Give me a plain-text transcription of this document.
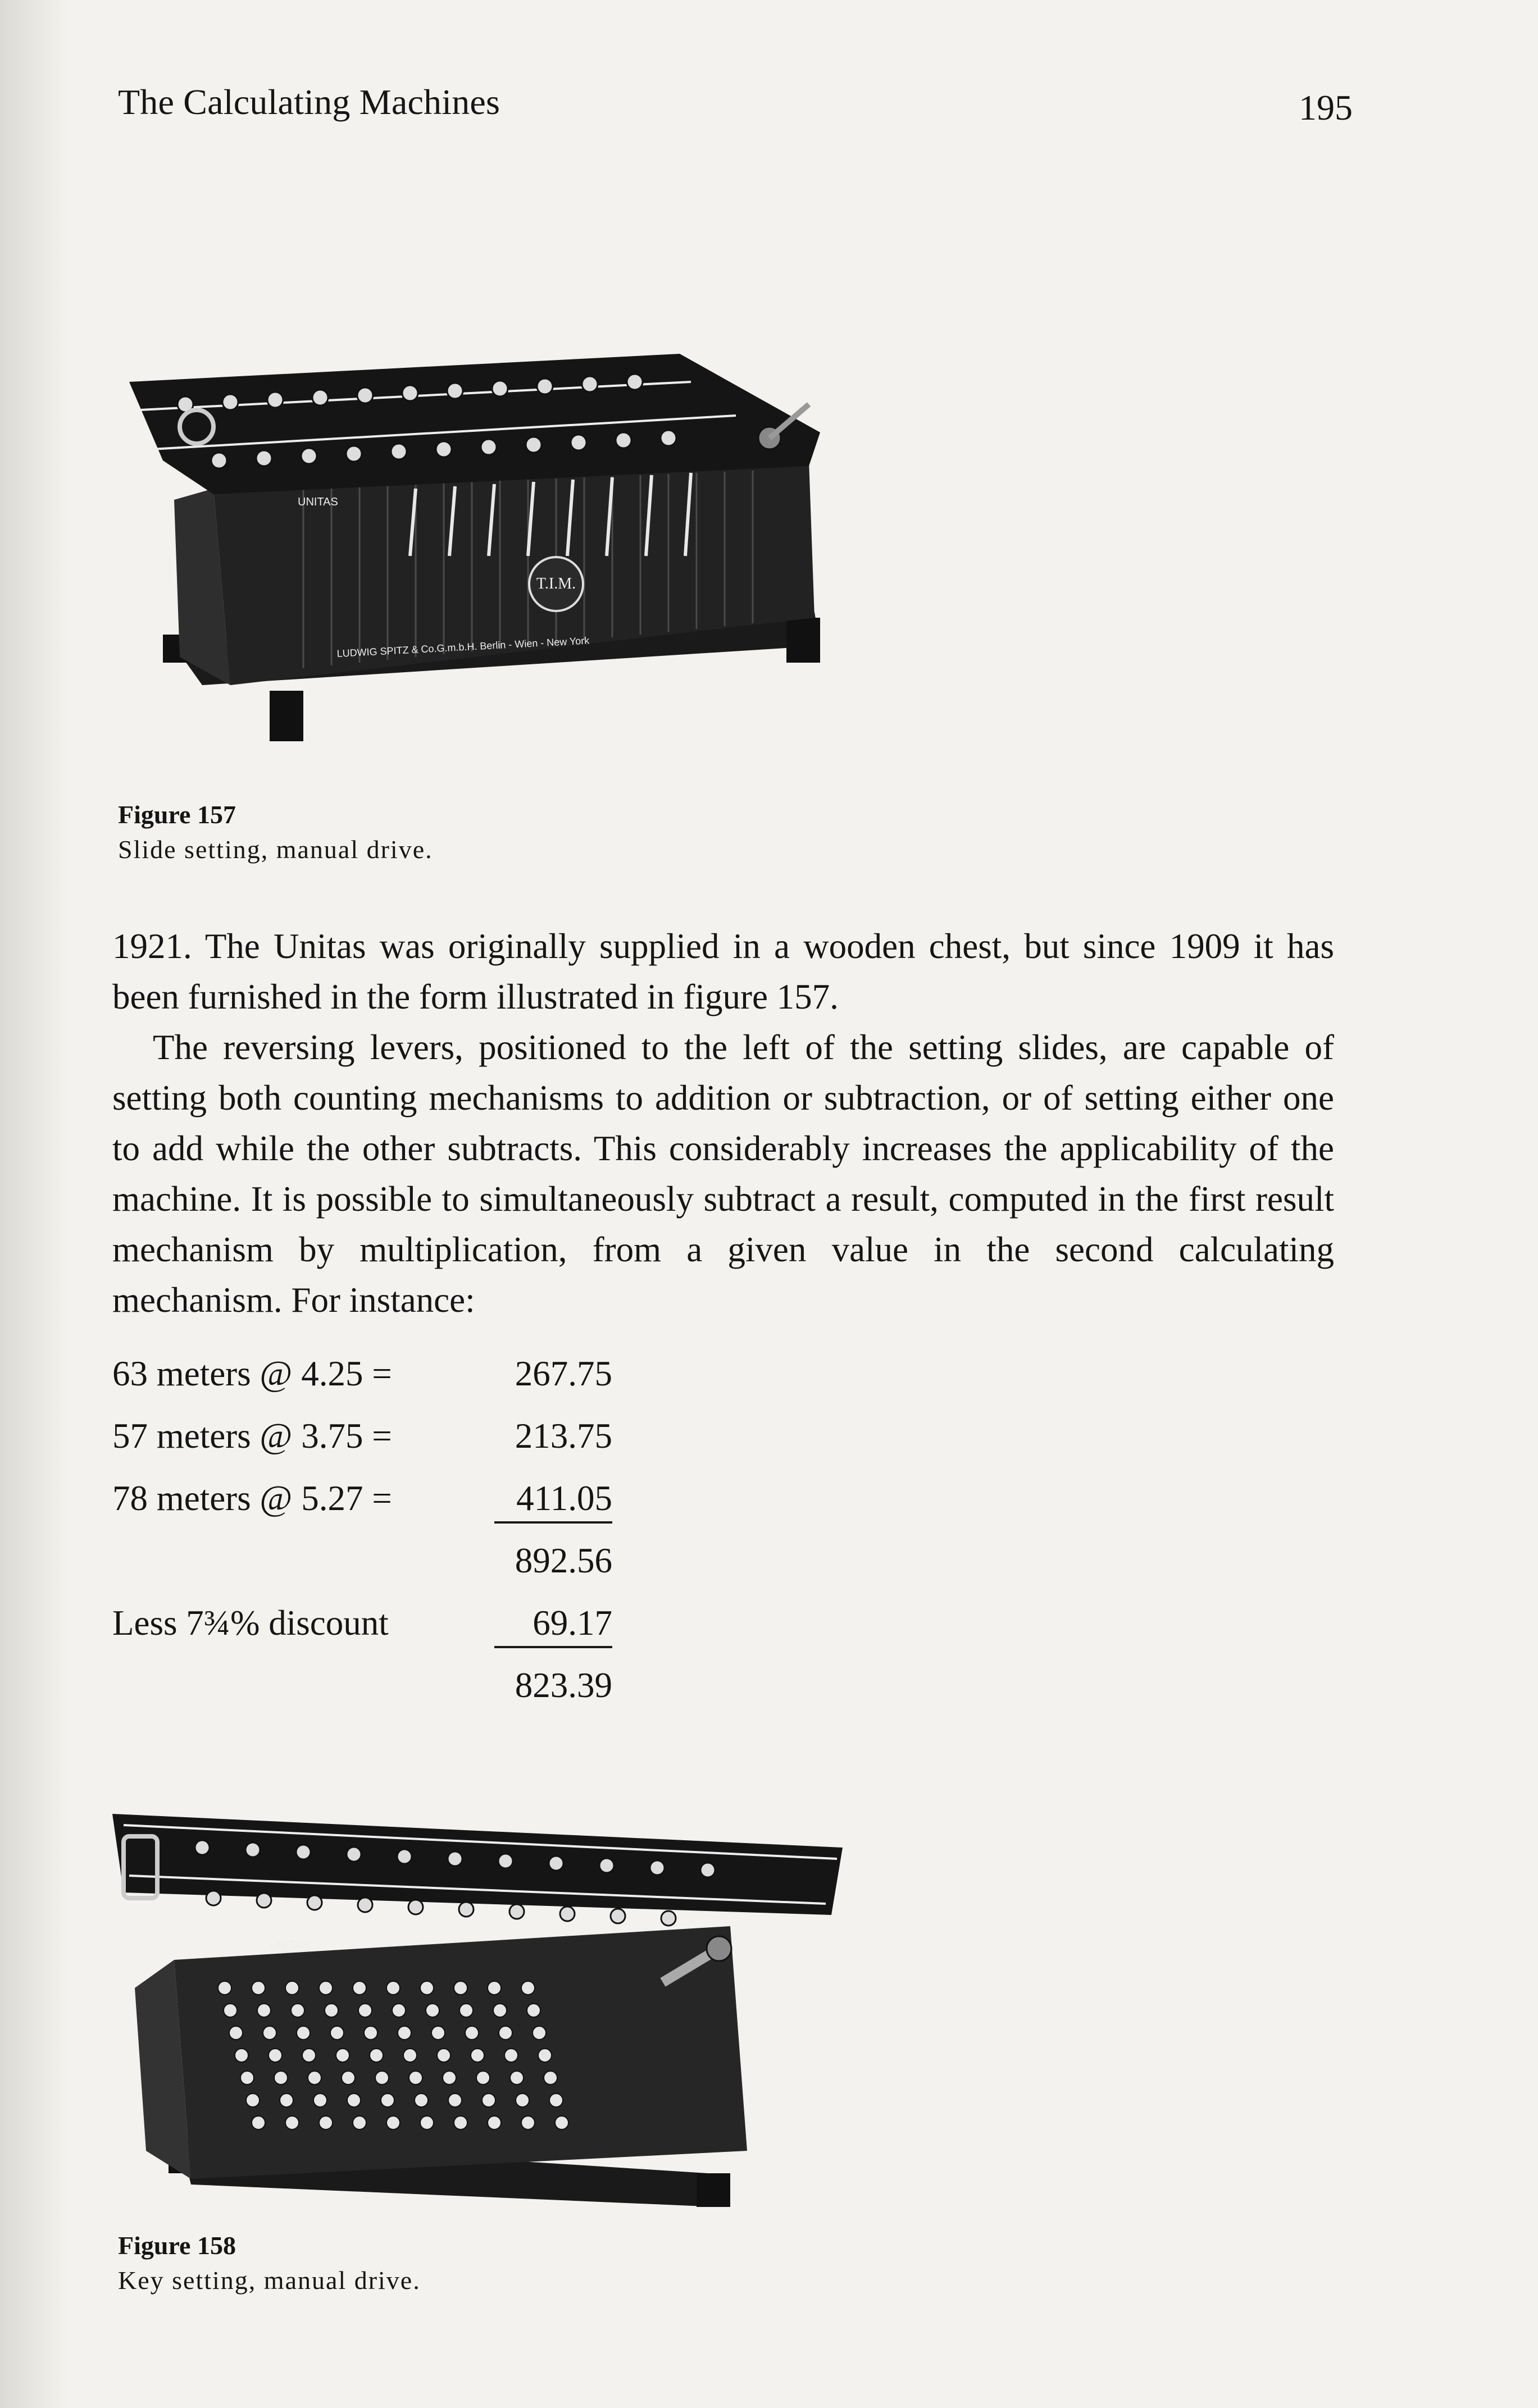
The Calculating Machines	195
T.I.M.
UNITAS
LUDWIG SPITZ & Co.G.m.b.H. Berlin - Wien - New York
Figure 157
Slide setting, manual drive.

1921. The Unitas was originally supplied in a wooden chest, but since 1909 it has been furnished in the form illustrated in figure 157.

The reversing levers, positioned to the left of the setting slides, are capable of setting both counting mechanisms to addition or subtraction, or of setting either one to add while the other subtracts. This considerably increases the applicability of the machine. It is possible to simultaneously subtract a result, computed in the first result mechanism by multiplication, from a given value in the second calculating mechanism. For instance:

63 meters @ 4.25 =	267.75
57 meters @ 3.75 =	213.75
78 meters @ 5.27 =	411.05
892.56
Less 7¾% discount	69.17
823.39
UNITAS
Figure 158
Key setting, manual drive.
